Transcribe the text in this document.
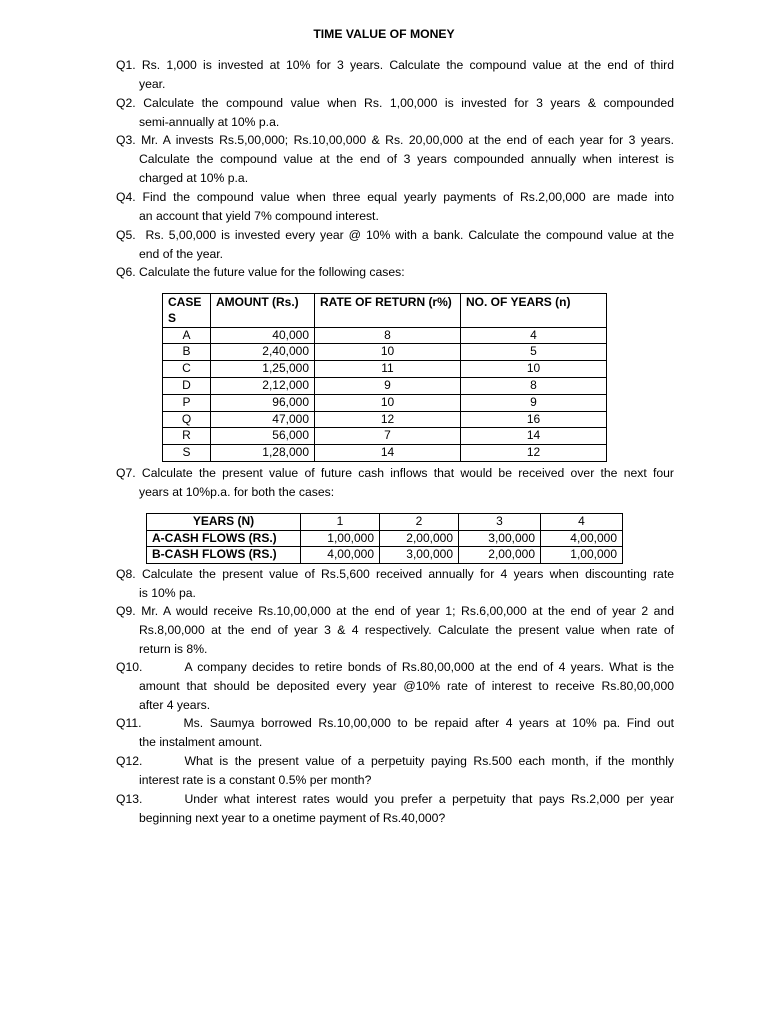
TIME VALUE OF MONEY
Q1. Rs. 1,000 is invested at 10% for 3 years. Calculate the compound value at the end of third
year.
Q2. Calculate the compound value when Rs. 1,00,000 is invested for 3 years & compounded
semi-annually at 10% p.a.
Q3. Mr. A invests Rs.5,00,000; Rs.10,00,000 & Rs. 20,00,000 at the end of each year for 3 years.
Calculate the compound value at the end of 3 years compounded annually when interest is
charged at 10% p.a.
Q4. Find the compound value when three equal yearly payments of Rs.2,00,000 are made into
an account that yield 7% compound interest.
Q5. Rs. 5,00,000 is invested every year @ 10% with a bank. Calculate the compound value at the
end of the year.
Q6. Calculate the future value for the following cases:
CASE S	AMOUNT (Rs.)	RATE OF RETURN (r%)	NO. OF YEARS (n)
A	40,000	8	4
B	2,40,000	10	5
C	1,25,000	11	10
D	2,12,000	9	8
P	96,000	10	9
Q	47,000	12	16
R	56,000	7	14
S	1,28,000	14	12
Q7. Calculate the present value of future cash inflows that would be received over the next four
years at 10%p.a. for both the cases:
YEARS (N)	1	2	3	4
A-CASH FLOWS (RS.)	1,00,000	2,00,000	3,00,000	4,00,000
B-CASH FLOWS (RS.)	4,00,000	3,00,000	2,00,000	1,00,000
Q8. Calculate the present value of Rs.5,600 received annually for 4 years when discounting rate
is 10% pa.
Q9. Mr. A would receive Rs.10,00,000 at the end of year 1; Rs.6,00,000 at the end of year 2 and
Rs.8,00,000 at the end of year 3 & 4 respectively. Calculate the present value when rate of
return is 8%.
Q10.	A company decides to retire bonds of Rs.80,00,000 at the end of 4 years. What is the
amount that should be deposited every year @10% rate of interest to receive Rs.80,00,000
after 4 years.
Q11.	Ms. Saumya borrowed Rs.10,00,000 to be repaid after 4 years at 10% pa. Find out
the instalment amount.
Q12.	What is the present value of a perpetuity paying Rs.500 each month, if the monthly
interest rate is a constant 0.5% per month?
Q13.	Under what interest rates would you prefer a perpetuity that pays Rs.2,000 per year
beginning next year to a onetime payment of Rs.40,000?
